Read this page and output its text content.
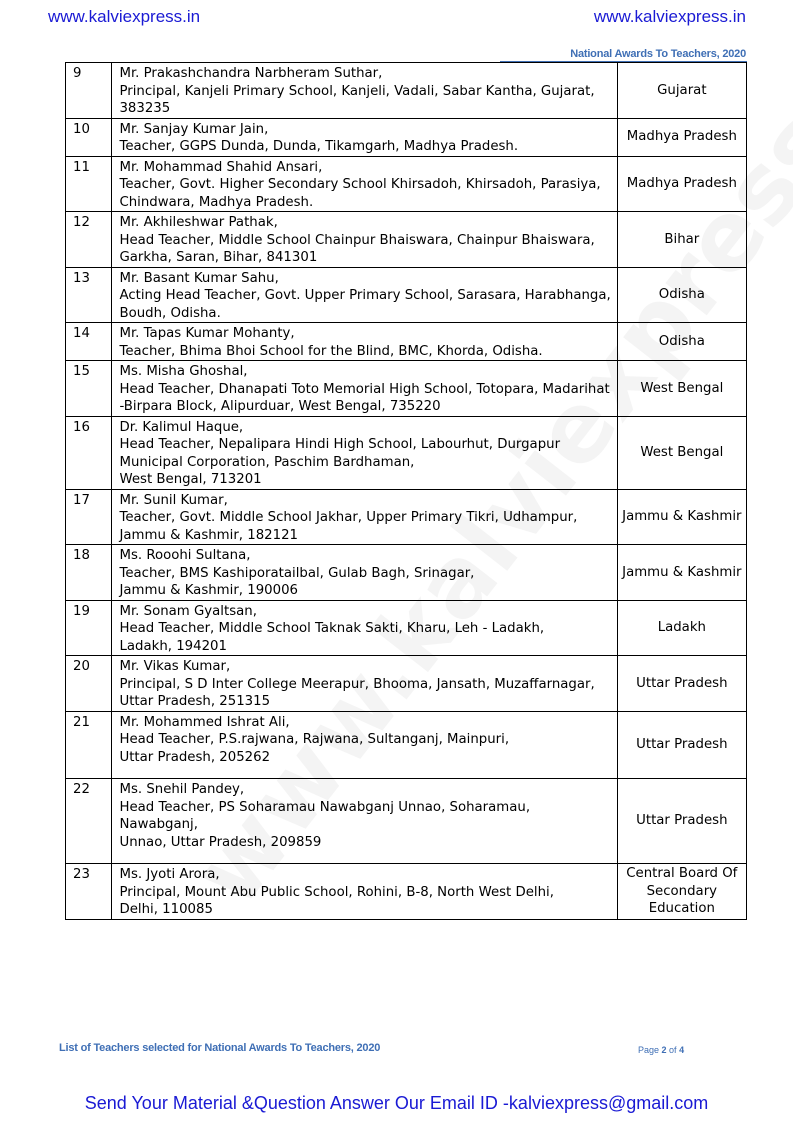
www.kalviexpress.in	www.kalviexpress.in
National Awards To Teachers, 2020
9	Mr. Prakashchandra Narbheram Suthar,
Principal, Kanjeli Primary School, Kanjeli, Vadali, Sabar Kantha, Gujarat,
383235	Gujarat
10	Mr. Sanjay Kumar Jain,
Teacher, GGPS Dunda, Dunda, Tikamgarh, Madhya Pradesh.	Madhya Pradesh
11	Mr. Mohammad Shahid Ansari,
Teacher, Govt. Higher Secondary School Khirsadoh, Khirsadoh, Parasiya,
Chindwara, Madhya Pradesh.	Madhya Pradesh
12	Mr. Akhileshwar Pathak,
Head Teacher, Middle School Chainpur Bhaiswara, Chainpur Bhaiswara,
Garkha, Saran, Bihar, 841301	Bihar
13	Mr. Basant Kumar Sahu,
Acting Head Teacher, Govt. Upper Primary School, Sarasara, Harabhanga,
Boudh, Odisha.	Odisha
14	Mr. Tapas Kumar Mohanty,
Teacher, Bhima Bhoi School for the Blind, BMC, Khorda, Odisha.	Odisha
15	Ms. Misha Ghoshal,
Head Teacher, Dhanapati Toto Memorial High School, Totopara, Madarihat
-Birpara Block, Alipurduar, West Bengal, 735220	West Bengal
16	Dr. Kalimul Haque,
Head Teacher, Nepalipara Hindi High School, Labourhut, Durgapur
Municipal Corporation, Paschim Bardhaman,
West Bengal, 713201	West Bengal
17	Mr. Sunil Kumar,
Teacher, Govt. Middle School Jakhar, Upper Primary Tikri, Udhampur,
Jammu & Kashmir, 182121	Jammu & Kashmir
18	Ms. Rooohi Sultana,
Teacher, BMS Kashiporatailbal, Gulab Bagh, Srinagar,
Jammu & Kashmir, 190006	Jammu & Kashmir
19	Mr. Sonam Gyaltsan,
Head Teacher, Middle School Taknak Sakti, Kharu, Leh - Ladakh,
Ladakh, 194201	Ladakh
20	Mr. Vikas Kumar,
Principal, S D Inter College Meerapur, Bhooma, Jansath, Muzaffarnagar,
Uttar Pradesh, 251315	Uttar Pradesh
21	Mr. Mohammed Ishrat Ali,
Head Teacher, P.S.rajwana, Rajwana, Sultanganj, Mainpuri,
Uttar Pradesh, 205262	Uttar Pradesh
22	Ms. Snehil Pandey,
Head Teacher, PS Soharamau Nawabganj Unnao, Soharamau, Nawabganj,
Unnao, Uttar Pradesh, 209859	Uttar Pradesh
23	Ms. Jyoti Arora,
Principal, Mount Abu Public School, Rohini, B-8, North West Delhi,
Delhi, 110085	Central Board Of Secondary Education
List of Teachers selected for National Awards To Teachers, 2020	Page 2 of 4
Send Your Material &Question Answer Our Email ID -kalviexpress@gmail.com
